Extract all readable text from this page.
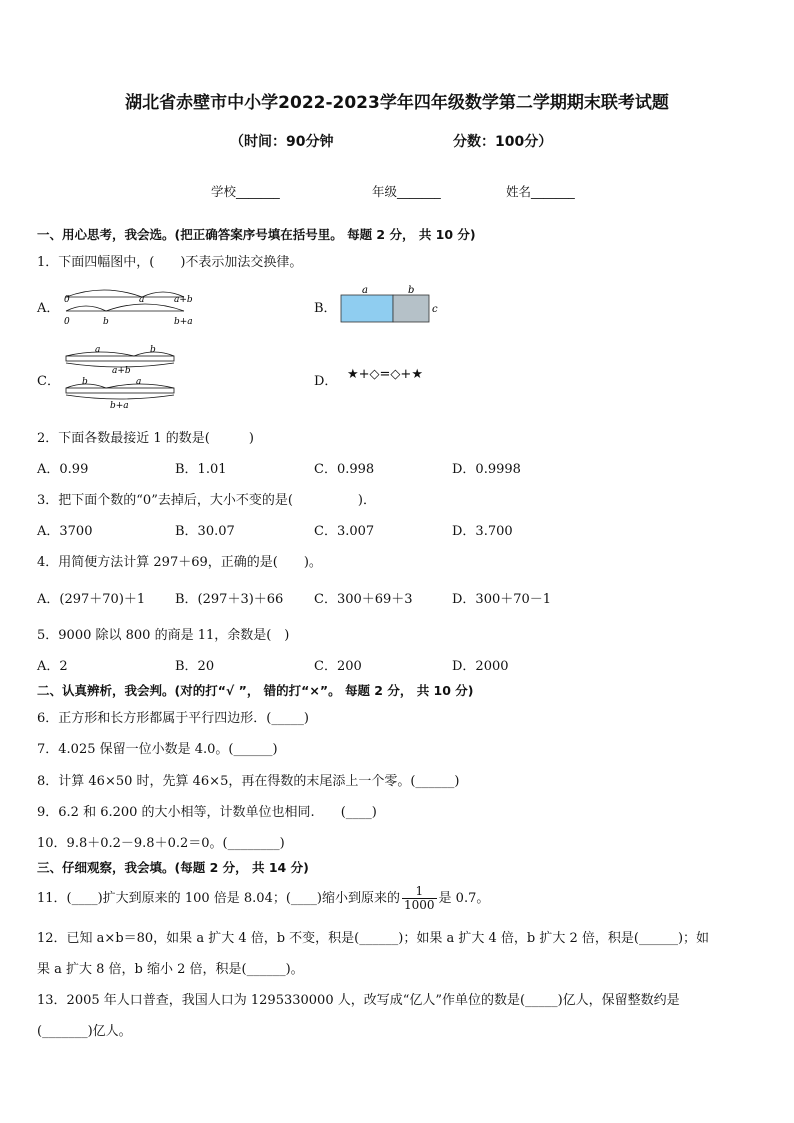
湖北省赤壁市中小学2022-2023学年四年级数学第二学期期末联考试题
（时间：90分钟	分数：100分）
学校_______	年级_______	姓名_______
一、用心思考，我会选。(把正确答案序号填在括号里。 每题 2 分， 共 10 分)
1．下面四幅图中，(　　)不表示加法交换律。
A．
0	a	a+b
0	b	b+a
B．
a	b
c
C．
a	b
a+b
b	a
b+a
D． ★+◇=◇+★
2．下面各数最接近 1 的数是(　　　)
A．0.99	B．1.01	C．0.998	D．0.9998
3．把下面个数的“0”去掉后，大小不变的是(　　　　　)．
A．3700	B．30.07	C．3.007	D．3.700
4．用简便方法计算 297＋69，正确的是(　　)。
A．(297＋70)＋1 B．(297＋3)＋66 C．300＋69＋3	D．300＋70－1
5．9000 除以 800 的商是 11，余数是(　)
A．2	B．20	C．200	D．2000
二、认真辨析，我会判。(对的打“√ ”， 错的打“×”。 每题 2 分， 共 10 分)
6．正方形和长方形都属于平行四边形．(_____)
7．4.025 保留一位小数是 4.0。(______)
8．计算 46×50 时，先算 46×5，再在得数的末尾添上一个零。(______)
9．6.2 和 6.200 的大小相等，计数单位也相同.　　(____)
10．9.8＋0.2－9.8＋0.2＝0。(________)
三、仔细观察，我会填。(每题 2 分， 共 14 分)
11．(____)扩大到原来的 100 倍是 8.04；(____)缩小到原来的 $\frac{1}{1000}$ 是 0.7。
12．已知 a×b＝80，如果 a 扩大 4 倍，b 不变，积是(______)；如果 a 扩大 4 倍，b 扩大 2 倍，积是(______)；如
果 a 扩大 8 倍，b 缩小 2 倍，积是(______)。
13．2005 年人口普查，我国人口为 1295330000 人，改写成“亿人”作单位的数是(_____)亿人，保留整数约是
(_______)亿人。
